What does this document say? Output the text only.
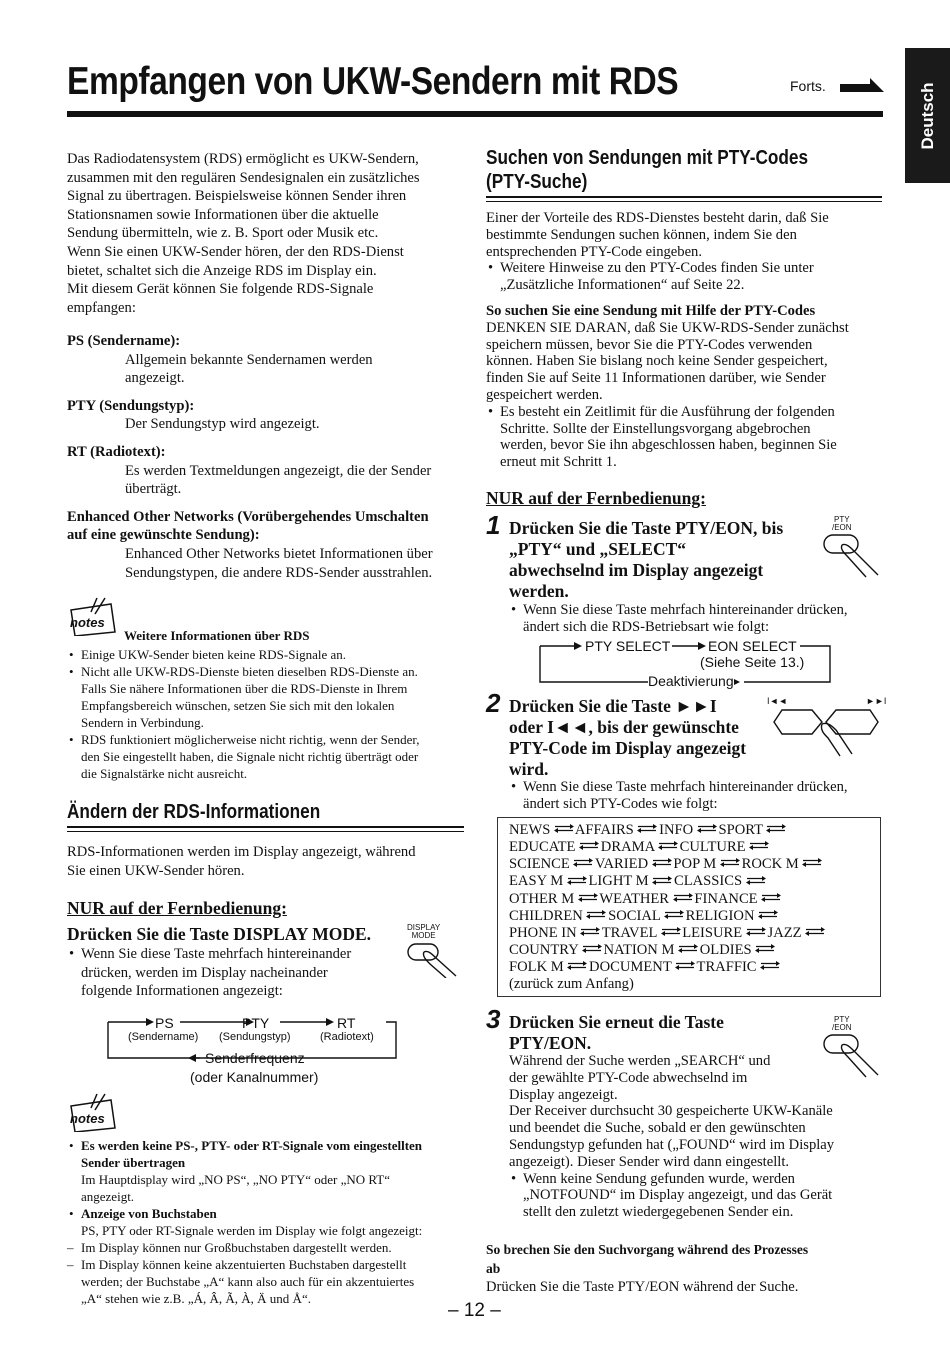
Empfangen von UKW-Sendern mit RDS	Forts.	Deutsch

Das Radiodatensystem (RDS) ermöglicht es UKW-Sendern,

zusammen mit den regulären Sendesignalen ein zusätzliches

Signal zu übertragen. Beispielsweise können Sender ihren

Stationsnamen sowie Informationen über die aktuelle

Sendung übermitteln, wie z. B. Sport oder Musik etc.

Wenn Sie einen UKW-Sender hören, der den RDS-Dienst

bietet, schaltet sich die Anzeige RDS im Display ein.

Mit diesem Gerät können Sie folgende RDS-Signale

empfangen:

PS (Sendername):

Allgemein bekannte Sendernamen werden

angezeigt.

PTY (Sendungstyp):

Der Sendungstyp wird angezeigt.

RT (Radiotext):

Es werden Textmeldungen angezeigt, die der Sender

überträgt.

Enhanced Other Networks (Vorübergehendes Umschalten

auf eine gewünschte Sendung):

Enhanced Other Networks bietet Informationen über

Sendungstypen, die andere RDS-Sender ausstrahlen.

notes
Weitere Informationen über RDS

• Einige UKW-Sender bieten keine RDS-Signale an.

• Nicht alle UKW-RDS-Dienste bieten dieselben RDS-Dienste an.

Falls Sie nähere Informationen über die RDS-Dienste in Ihrem

Empfangsbereich wünschen, setzen Sie sich mit den lokalen

Sendern in Verbindung.

• RDS funktioniert möglicherweise nicht richtig, wenn der Sender,

den Sie eingestellt haben, die Signale nicht richtig überträgt oder

die Signalstärke nicht ausreicht.

Ändern der RDS-Informationen

RDS-Informationen werden im Display angezeigt, während

Sie einen UKW-Sender hören.

NUR auf der Fernbedienung:
Drücken Sie die Taste DISPLAY MODE.	DISPLAY
MODE

• Wenn Sie diese Taste mehrfach hintereinander

drücken, werden im Display nacheinander

folgende Informationen angezeigt:

PS
(Sendername)
PTY
(Sendungstyp)
RT
(Radiotext)
Senderfrequenz
(oder Kanalnummer)
notes

• Es werden keine PS-, PTY- oder RT-Signale vom eingestellten

Sender übertragen

Im Hauptdisplay wird „NO PS“, „NO PTY“ oder „NO RT“

angezeigt.

• Anzeige von Buchstaben

PS, PTY oder RT-Signale werden im Display wie folgt angezeigt:

– Im Display können nur Großbuchstaben dargestellt werden.

– Im Display können keine akzentuierten Buchstaben dargestellt

werden; der Buchstabe „A“ kann also auch für ein akzentuiertes

„A“ stehen wie z.B. „Á, Â, Ã, À, Ä und Å“.

Suchen von Sendungen mit PTY-Codes
(PTY-Suche)

Einer der Vorteile des RDS-Dienstes besteht darin, daß Sie

bestimmte Sendungen suchen können, indem Sie den

entsprechenden PTY-Code eingeben.

• Weitere Hinweise zu den PTY-Codes finden Sie unter

„Zusätzliche Informationen“ auf Seite 22.

So suchen Sie eine Sendung mit Hilfe der PTY-Codes

DENKEN SIE DARAN, daß Sie UKW-RDS-Sender zunächst

speichern müssen, bevor Sie die PTY-Codes verwenden

können. Haben Sie bislang noch keine Sender gespeichert,

finden Sie auf Seite 11 Informationen darüber, wie Sender

gespeichert werden.

• Es besteht ein Zeitlimit für die Ausführung der folgenden

Schritte. Sollte der Einstellungsvorgang abgebrochen

werden, bevor Sie ihn abgeschlossen haben, beginnen Sie

erneut mit Schritt 1.

NUR auf der Fernbedienung:
1 Drücken Sie die Taste PTY/EON, bis

„PTY“ und „SELECT“

abwechselnd im Display angezeigt

werden.

PTY
/EON

• Wenn Sie diese Taste mehrfach hintereinander drücken,

ändert sich die RDS-Betriebsart wie folgt:

PTY SELECT	EON SELECT
(Siehe Seite 13.)
Deaktivierung
2 Drücken Sie die Taste ►►I

oder I◄◄, bis der gewünschte

PTY-Code im Display angezeigt

wird.

I◄◄	►►I

• Wenn Sie diese Taste mehrfach hintereinander drücken,

ändert sich PTY-Codes wie folgt:

NEWS AFFAIRS INFO SPORT
EDUCATE DRAMA CULTURE
SCIENCE VARIED POP M ROCK M
EASY M LIGHT M CLASSICS
OTHER M WEATHER FINANCE
CHILDREN SOCIAL RELIGION
PHONE IN TRAVEL LEISURE JAZZ
COUNTRY NATION M OLDIES
FOLK M DOCUMENT TRAFFIC
(zurück zum Anfang)
3 Drücken Sie erneut die Taste

PTY/EON.

PTY
/EON

Während der Suche werden „SEARCH“ und

der gewählte PTY-Code abwechselnd im

Display angezeigt.

Der Receiver durchsucht 30 gespeicherte UKW-Kanäle

und beendet die Suche, sobald er den gewünschten

Sendungstyp gefunden hat („FOUND“ wird im Display

angezeigt). Dieser Sender wird dann eingestellt.

• Wenn keine Sendung gefunden wurde, werden

„NOTFOUND“ im Display angezeigt, und das Gerät

stellt den zuletzt wiedergegebenen Sender ein.

So brechen Sie den Suchvorgang während des Prozesses

ab

Drücken Sie die Taste PTY/EON während der Suche.

– 12 –
